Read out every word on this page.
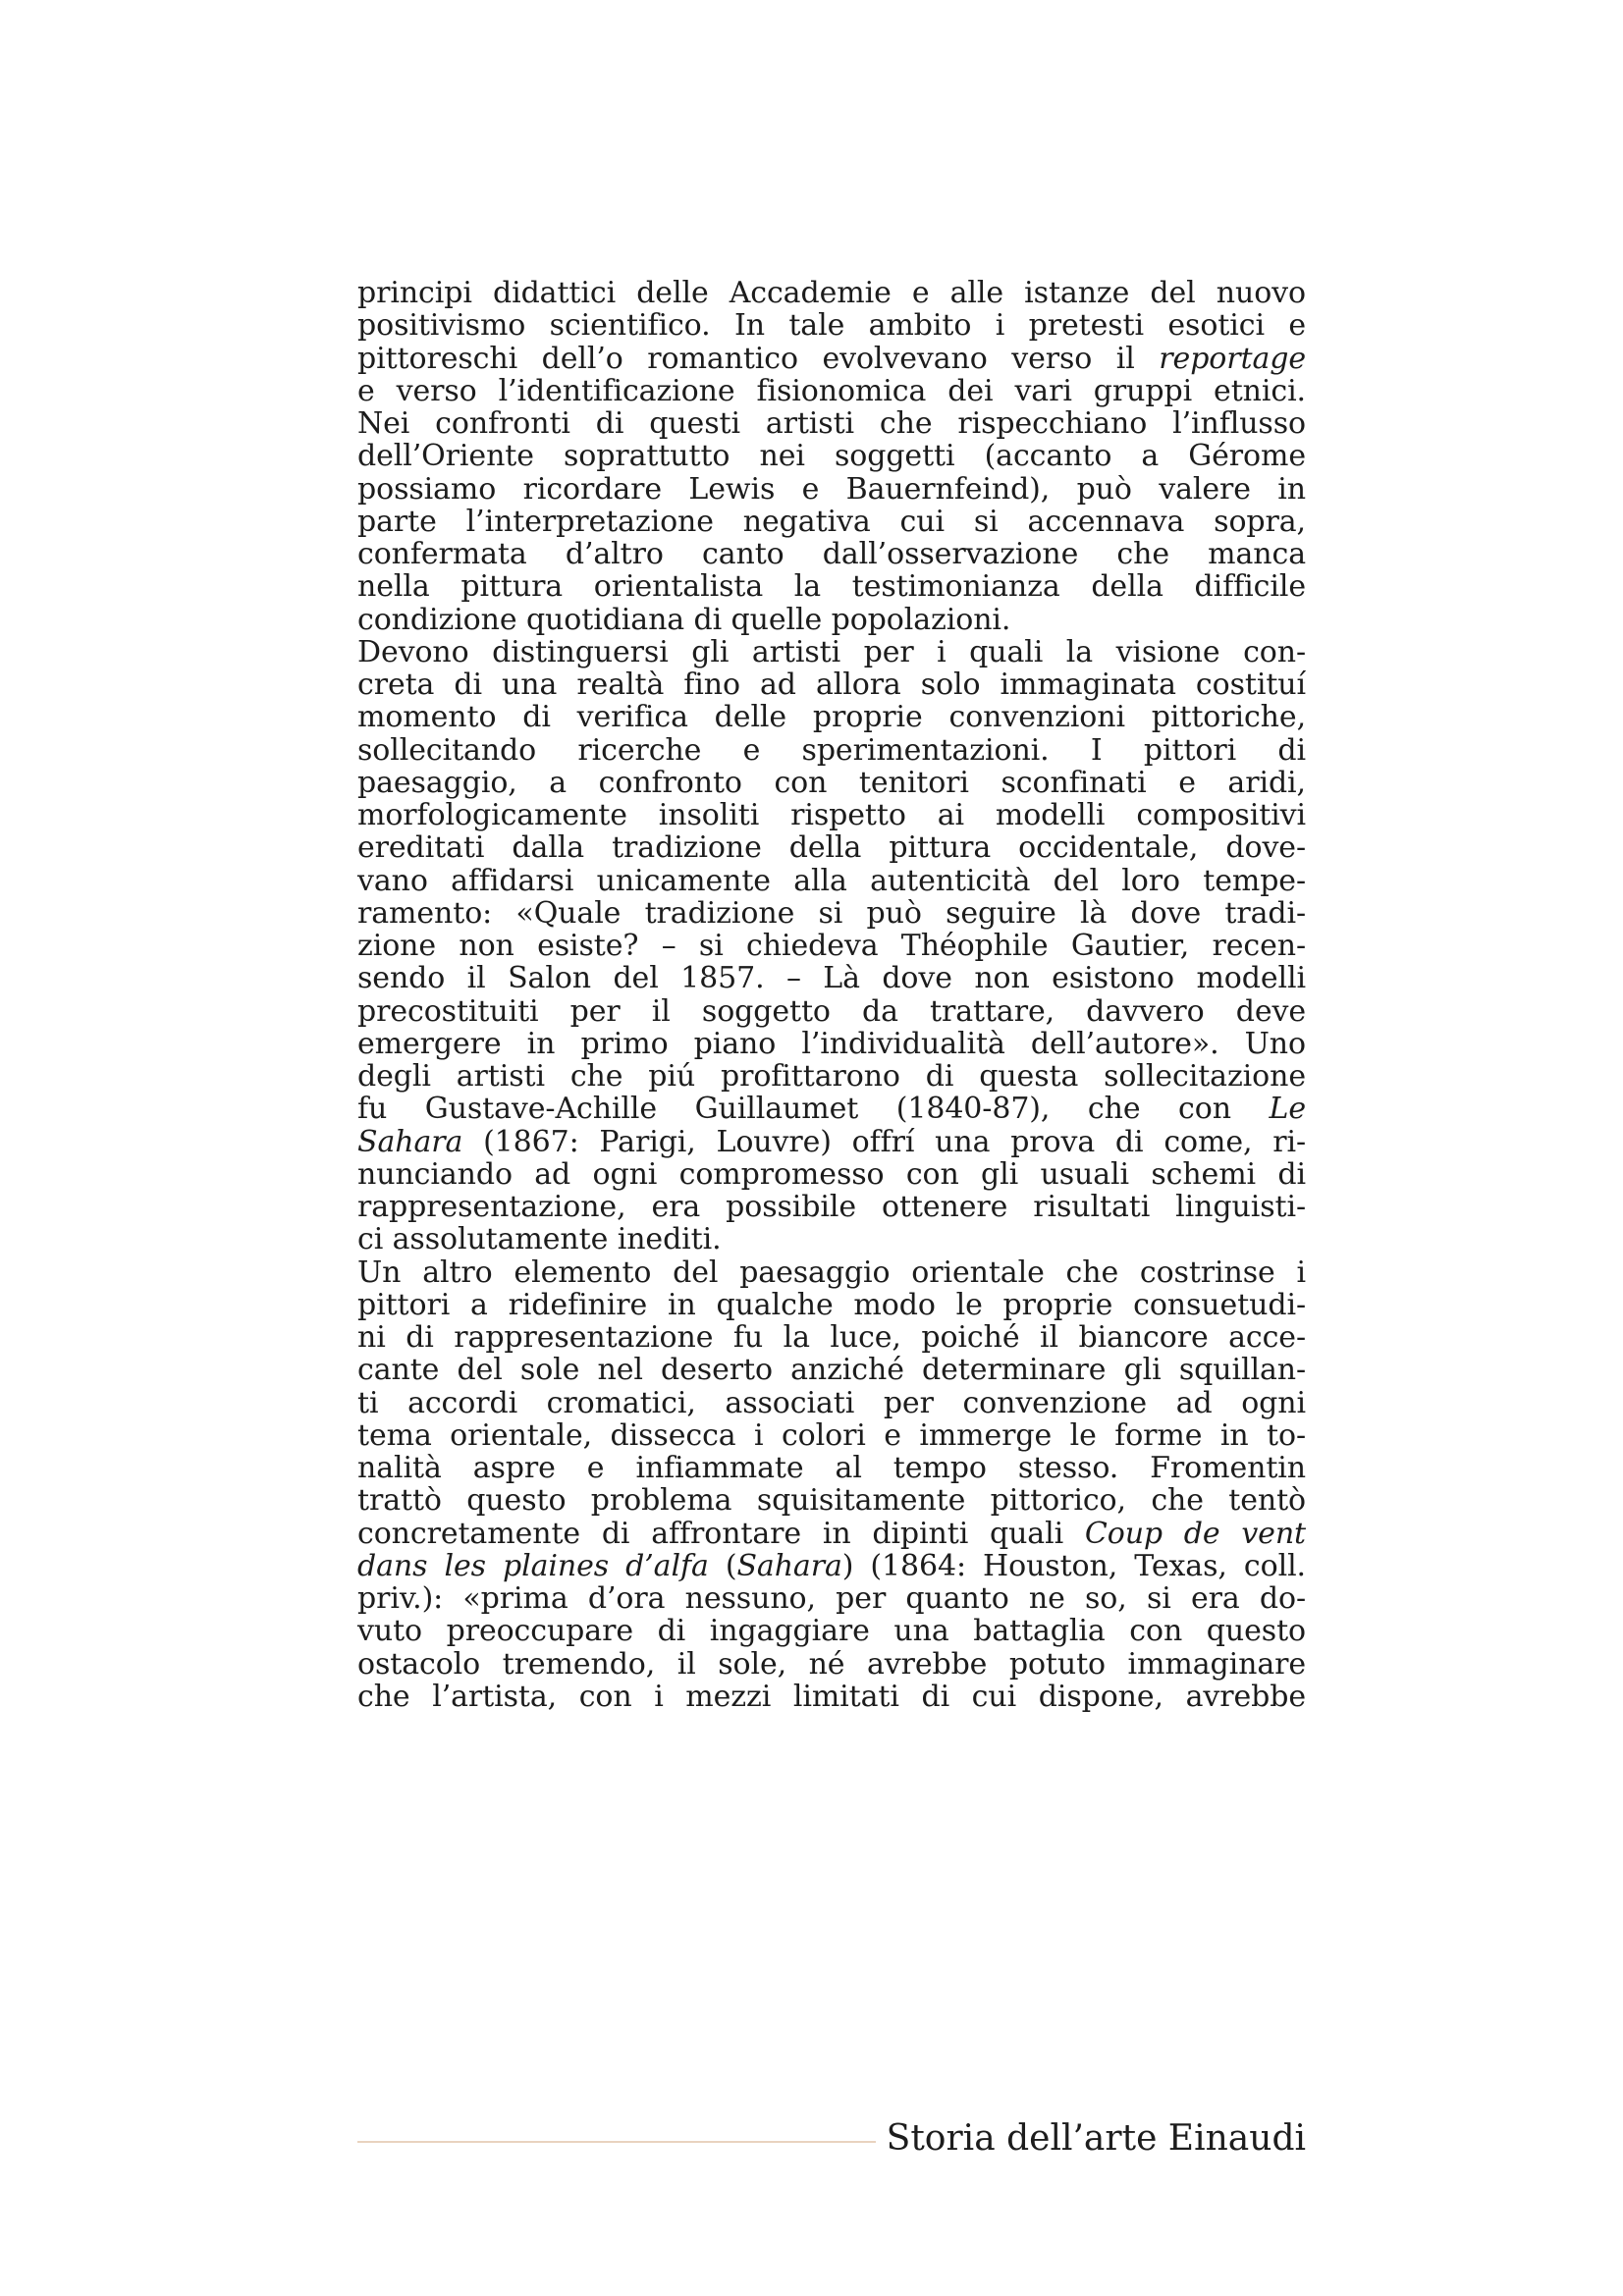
principi didattici delle Accademie e alle istanze del nuovo
positivismo scientifico. In tale ambito i pretesti esotici e
pittoreschi dell’o romantico evolvevano verso il reportage
e verso l’identificazione fisionomica dei vari gruppi etnici.
Nei confronti di questi artisti che rispecchiano l’influsso
dell’Oriente soprattutto nei soggetti (accanto a Gérome
possiamo ricordare Lewis e Bauernfeind), può valere in
parte l’interpretazione negativa cui si accennava sopra,
confermata d’altro canto dall’osservazione che manca
nella pittura orientalista la testimonianza della difficile
condizione quotidiana di quelle popolazioni.
Devono distinguersi gli artisti per i quali la visione con-
creta di una realtà fino ad allora solo immaginata costituí
momento di verifica delle proprie convenzioni pittoriche,
sollecitando ricerche e sperimentazioni. I pittori di
paesaggio, a confronto con tenitori sconfinati e aridi,
morfologicamente insoliti rispetto ai modelli compositivi
ereditati dalla tradizione della pittura occidentale, dove-
vano affidarsi unicamente alla autenticità del loro tempe-
ramento: «Quale tradizione si può seguire là dove tradi-
zione non esiste? – si chiedeva Théophile Gautier, recen-
sendo il Salon del 1857. – Là dove non esistono modelli
precostituiti per il soggetto da trattare, davvero deve
emergere in primo piano l’individualità dell’autore». Uno
degli artisti che piú profittarono di questa sollecitazione
fu Gustave-Achille Guillaumet (1840-87), che con Le
Sahara (1867: Parigi, Louvre) offrí una prova di come, ri-
nunciando ad ogni compromesso con gli usuali schemi di
rappresentazione, era possibile ottenere risultati linguisti-
ci assolutamente inediti.
Un altro elemento del paesaggio orientale che costrinse i
pittori a ridefinire in qualche modo le proprie consuetudi-
ni di rappresentazione fu la luce, poiché il biancore acce-
cante del sole nel deserto anziché determinare gli squillan-
ti accordi cromatici, associati per convenzione ad ogni
tema orientale, dissecca i colori e immerge le forme in to-
nalità aspre e infiammate al tempo stesso. Fromentin
trattò questo problema squisitamente pittorico, che tentò
concretamente di affrontare in dipinti quali Coup de vent
dans les plaines d’alfa (Sahara) (1864: Houston, Texas, coll.
priv.): «prima d’ora nessuno, per quanto ne so, si era do-
vuto preoccupare di ingaggiare una battaglia con questo
ostacolo tremendo, il sole, né avrebbe potuto immaginare
che l’artista, con i mezzi limitati di cui dispone, avrebbe
Storia dell’arte Einaudi
